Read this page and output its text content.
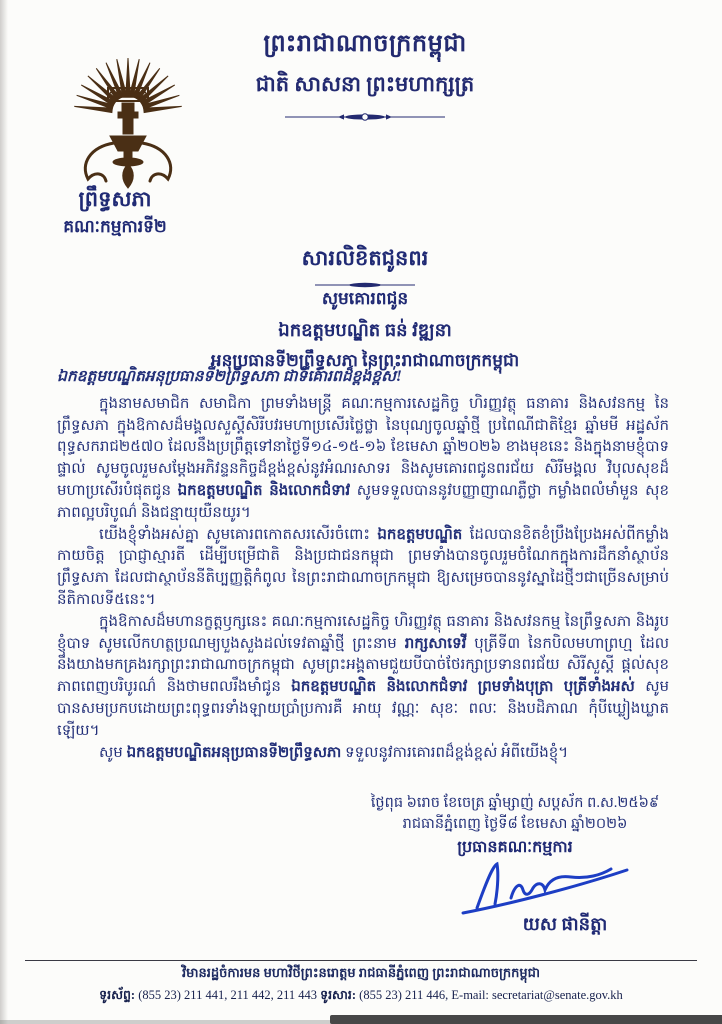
ព្រះរាជាណាចក្រកម្ពុជា
ជាតិ សាសនា ព្រះមហាក្សត្រ
ព្រឹទ្ធសភា
គណៈកម្មការទី២
សារលិខិតជូនពរ
សូមគោរពជូន
ឯកឧត្តមបណ្ឌិត ធន់ វឌ្ឍនា
អនុប្រធានទី២ព្រឹទ្ធសភា នៃព្រះរាជាណាចក្រកម្ពុជា

ឯកឧត្តមបណ្ឌិតអនុប្រធានទី២ព្រឹទ្ធសភា ជាទីគោរពដ៏ខ្ពង់ខ្ពស់!

ក្នុងនាមសមាជិក សមាជិកា ព្រមទាំងមន្ត្រី គណៈកម្មការសេដ្ឋកិច្ច ហិរញ្ញវត្ថុ ធនាគារ និងសវនកម្ម នៃព្រឹទ្ធសភា ក្នុងឱកាសដ៏មង្គលសួស្ដីសិរីបវរមហាប្រសើរថ្លៃថ្លា នៃបុណ្យចូលឆ្នាំថ្មី ប្រពៃណីជាតិខ្មែរ ឆ្នាំមមី អដ្ឋស័ក ពុទ្ធសករាជ២៥៧០ ដែលនឹងប្រព្រឹត្តទៅនាថ្ងៃទី១៤-១៥-១៦ ខែមេសា ឆ្នាំ២០២៦ ខាងមុខនេះ និងក្នុងនាមខ្ញុំបាទផ្ទាល់ សូមចូលរួមសម្ដែងអភិវន្ទនកិច្ចដ៏ខ្ពង់ខ្ពស់នូវអំណរសាទរ និងសូមគោរពជូនពរជ័យ សិរីមង្គល វិបុលសុខដ៏មហាប្រសើរបំផុតជូន ឯកឧត្តមបណ្ឌិត និងលោកជំទាវ សូមទទួលបាននូវបញ្ញាញាណភ្លឺថ្លា កម្លាំងពលំមាំមួន សុខភាពល្អបរិបូណ៌ និងជន្មាយុយឺនយូរ។

យើងខ្ញុំទាំងអស់គ្នា សូមគោរពកោតសរសើរចំពោះ ឯកឧត្តមបណ្ឌិត ដែលបានខិតខំប្រឹងប្រែងអស់ពីកម្លាំងកាយចិត្ត ប្រាជ្ញាស្មារតី ដើម្បីបម្រើជាតិ និងប្រជាជនកម្ពុជា ព្រមទាំងបានចូលរួមចំណែកក្នុងការដឹកនាំស្ថាប័នព្រឹទ្ធសភា ដែលជាស្ថាប័ននីតិប្បញ្ញត្តិកំពូល នៃព្រះរាជាណាចក្រកម្ពុជា ឱ្យសម្រេចបាននូវស្នាដៃថ្មីៗជាច្រើនសម្រាប់នីតិកាលទី៥នេះ។

ក្នុងឱកាសដ៏មហានក្ខត្តឫក្សនេះ គណៈកម្មការសេដ្ឋកិច្ច ហិរញ្ញវត្ថុ ធនាគារ និងសវនកម្ម នៃព្រឹទ្ធសភា និងរូបខ្ញុំបាទ សូមលើកហត្ថប្រណម្យបួងសួងដល់ទេវតាឆ្នាំថ្មី ព្រះនាម រាក្សសាទេវី បុត្រីទី៣ នៃកបិលមហាព្រហ្ម ដែលនឹងយាងមកគ្រងរក្សាព្រះរាជាណាចក្រកម្ពុជា សូមព្រះអង្គតាមជួយបីបាច់ថែរក្សាប្រទានពរជ័យ សិរីសួស្ដី ផ្ដល់សុខភាពពេញបរិបូរណ៌ និងថាមពលរឹងមាំជូន ឯកឧត្តមបណ្ឌិត និងលោកជំទាវ ព្រមទាំងបុត្រា បុត្រីទាំងអស់ សូមបានសមប្រកបដោយព្រះពុទ្ធពរទាំងឡាយប្រាំប្រការគឺ អាយុ វណ្ណៈ សុខៈ ពលៈ និងបដិភាណ កុំបីឃ្លៀងឃ្លាតឡើយ។

សូម ឯកឧត្តមបណ្ឌិតអនុប្រធានទី២ព្រឹទ្ធសភា ទទួលនូវការគោរពដ៏ខ្ពង់ខ្ពស់ អំពីយើងខ្ញុំ។

ថ្ងៃពុធ ៦រោច ខែចេត្រ ឆ្នាំម្សាញ់ សប្តស័ក ព.ស.២៥៦៩
រាជធានីភ្នំពេញ ថ្ងៃទី៨ ខែមេសា ឆ្នាំ២០២៦
ប្រធានគណៈកម្មការ
យស ផានីត្តា
វិមានរដ្ឋចំការមន មហាវិថីព្រះនរោត្តម រាជធានីភ្នំពេញ ព្រះរាជាណាចក្រកម្ពុជា
ទូរស័ព្ទ: (855 23) 211 441, 211 442, 211 443 ទូរសារ: (855 23) 211 446, E-mail: secretariat@senate.gov.kh
